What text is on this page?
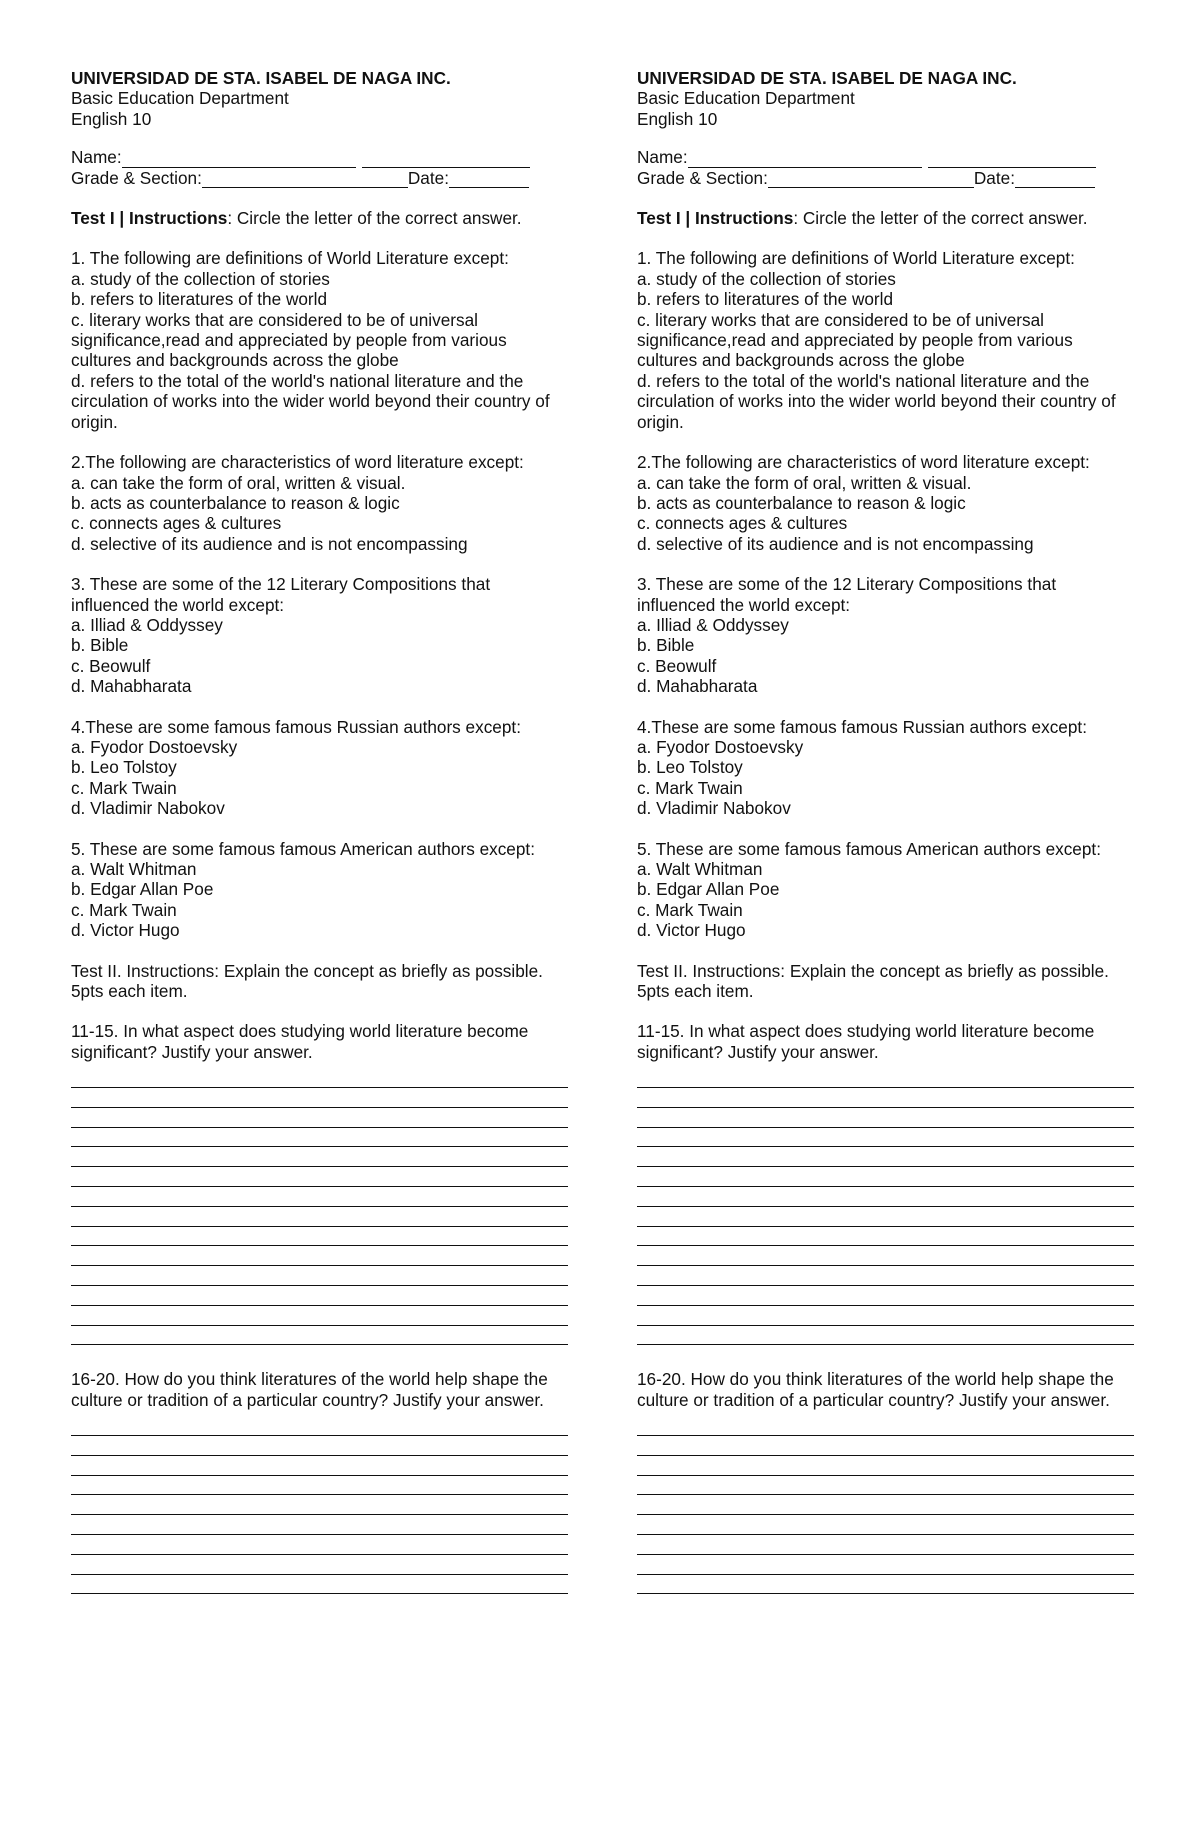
UNIVERSIDAD DE STA. ISABEL DE NAGA INC.
Basic Education Department
English 10
Name:
Grade & Section:	Date:
Test I | Instructions: Circle the letter of the correct answer.
1. The following are definitions of World Literature except:
a. study of the collection of stories
b. refers to literatures of the world
c. literary works that are considered to be of universal
significance,read and appreciated by people from various
cultures and backgrounds across the globe
d. refers to the total of the world's national literature and the
circulation of works into the wider world beyond their country of
origin.
2.The following are characteristics of word literature except:
a. can take the form of oral, written & visual.
b. acts as counterbalance to reason & logic
c. connects ages & cultures
d. selective of its audience and is not encompassing
3. These are some of the 12 Literary Compositions that
influenced the world except:
a. Illiad & Oddyssey
b. Bible
c. Beowulf
d. Mahabharata
4.These are some famous famous Russian authors except:
a. Fyodor Dostoevsky
b. Leo Tolstoy
c. Mark Twain
d. Vladimir Nabokov
5. These are some famous famous American authors except:
a. Walt Whitman
b. Edgar Allan Poe
c. Mark Twain
d. Victor Hugo
Test II. Instructions: Explain the concept as briefly as possible.
5pts each item.
11-15. In what aspect does studying world literature become
significant? Justify your answer.
16-20. How do you think literatures of the world help shape the
culture or tradition of a particular country? Justify your answer.
UNIVERSIDAD DE STA. ISABEL DE NAGA INC.
Basic Education Department
English 10
Name:
Grade & Section:	Date:
Test I | Instructions: Circle the letter of the correct answer.
1. The following are definitions of World Literature except:
a. study of the collection of stories
b. refers to literatures of the world
c. literary works that are considered to be of universal
significance,read and appreciated by people from various
cultures and backgrounds across the globe
d. refers to the total of the world's national literature and the
circulation of works into the wider world beyond their country of
origin.
2.The following are characteristics of word literature except:
a. can take the form of oral, written & visual.
b. acts as counterbalance to reason & logic
c. connects ages & cultures
d. selective of its audience and is not encompassing
3. These are some of the 12 Literary Compositions that
influenced the world except:
a. Illiad & Oddyssey
b. Bible
c. Beowulf
d. Mahabharata
4.These are some famous famous Russian authors except:
a. Fyodor Dostoevsky
b. Leo Tolstoy
c. Mark Twain
d. Vladimir Nabokov
5. These are some famous famous American authors except:
a. Walt Whitman
b. Edgar Allan Poe
c. Mark Twain
d. Victor Hugo
Test II. Instructions: Explain the concept as briefly as possible.
5pts each item.
11-15. In what aspect does studying world literature become
significant? Justify your answer.
16-20. How do you think literatures of the world help shape the
culture or tradition of a particular country? Justify your answer.
